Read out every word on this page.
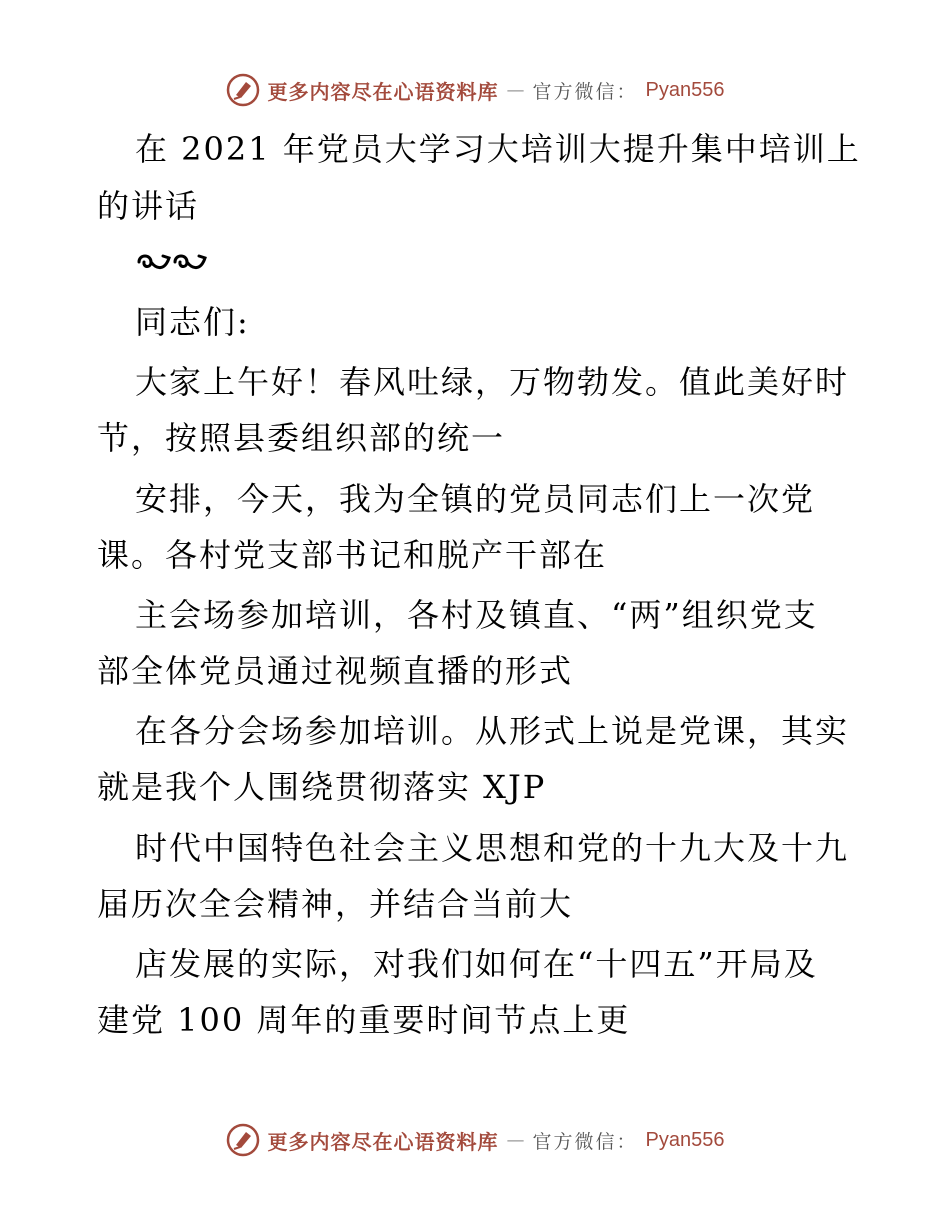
更多内容尽在心语资料库 — 官方微信： Pyan556
在 2021 年党员大学习大培训大提升集中培训上
的讲话
同志们:
大家上午好！春风吐绿，万物勃发。值此美好时
节，按照县委组织部的统一
安排，今天，我为全镇的党员同志们上一次党
课。各村党支部书记和脱产干部在
主会场参加培训，各村及镇直、“两”组织党支
部全体党员通过视频直播的形式
在各分会场参加培训。从形式上说是党课，其实
就是我个人围绕贯彻落实 XJP
时代中国特色社会主义思想和党的十九大及十九
届历次全会精神，并结合当前大
店发展的实际，对我们如何在“十四五”开局及
建党 100 周年的重要时间节点上更
更多内容尽在心语资料库 — 官方微信： Pyan556
